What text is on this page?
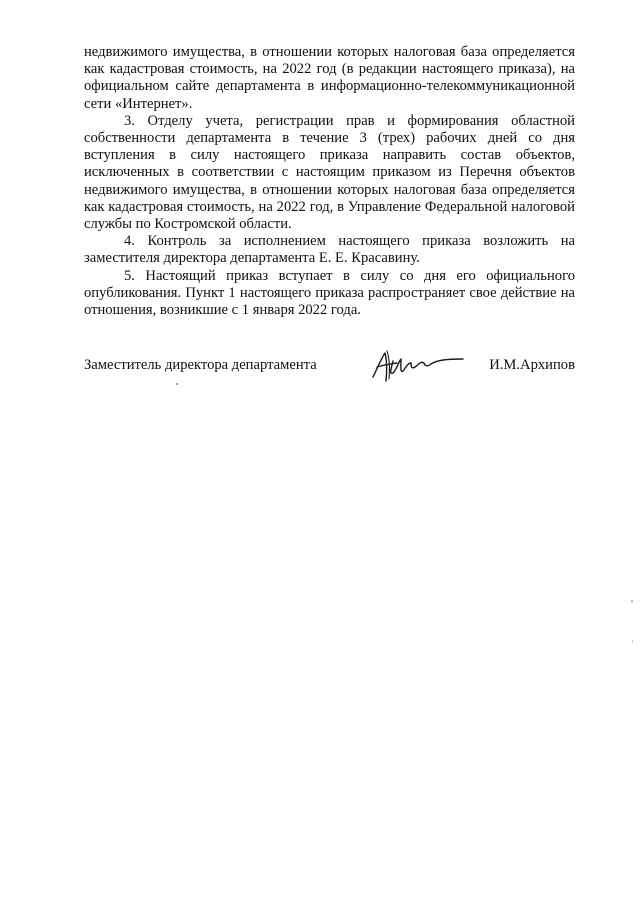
недвижимого имущества, в отношении которых налоговая база определяется как кадастровая стоимость, на 2022 год (в редакции настоящего приказа), на официальном сайте департамента в информационно-телекоммуникационной сети «Интернет».

3. Отделу учета, регистрации прав и формирования областной собственности департамента в течение 3 (трех) рабочих дней со дня вступления в силу настоящего приказа направить состав объектов, исключенных в соответствии с настоящим приказом из Перечня объектов недвижимого имущества, в отношении которых налоговая база определяется как кадастровая стоимость, на 2022 год, в Управление Федеральной налоговой службы по Костромской области.

4. Контроль за исполнением настоящего приказа возложить на заместителя директора департамента Е. Е. Красавину.

5. Настоящий приказ вступает в силу со дня его официального опубликования. Пункт 1 настоящего приказа распространяет свое действие на отношения, возникшие с 1 января 2022 года.

Заместитель директора департамента	И.М.Архипов
